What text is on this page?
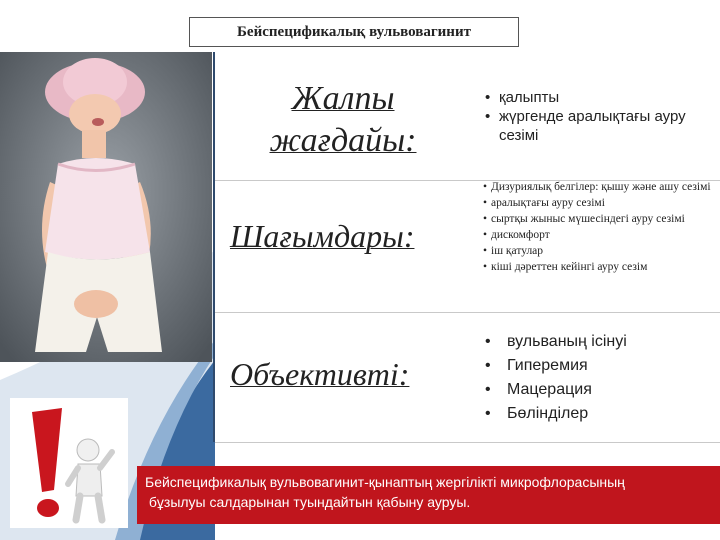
Бейспецификалық вульвовагинит
Жалпы
жағдайы:
• қалыпты
• жүргенде аралықтағы ауру сезімі
Шағымдары:
• Дизуриялық белгілер: қышу және ашу сезімі
• аралықтағы ауру сезімі
• сыртқы жыныс мүшесіндегі ауру сезімі
• дискомфорт
• іш қатулар
• кіші дәреттен кейінгі ауру сезім
Объективті:
• вульваның ісінуі
• Гиперемия
• Мацерация
• Бөлінділер
Бейспецификалық вульвовагинит-қынаптың жергілікті микрофлорасының
бұзылуы салдарынан туындайтын қабыну ауруы.
